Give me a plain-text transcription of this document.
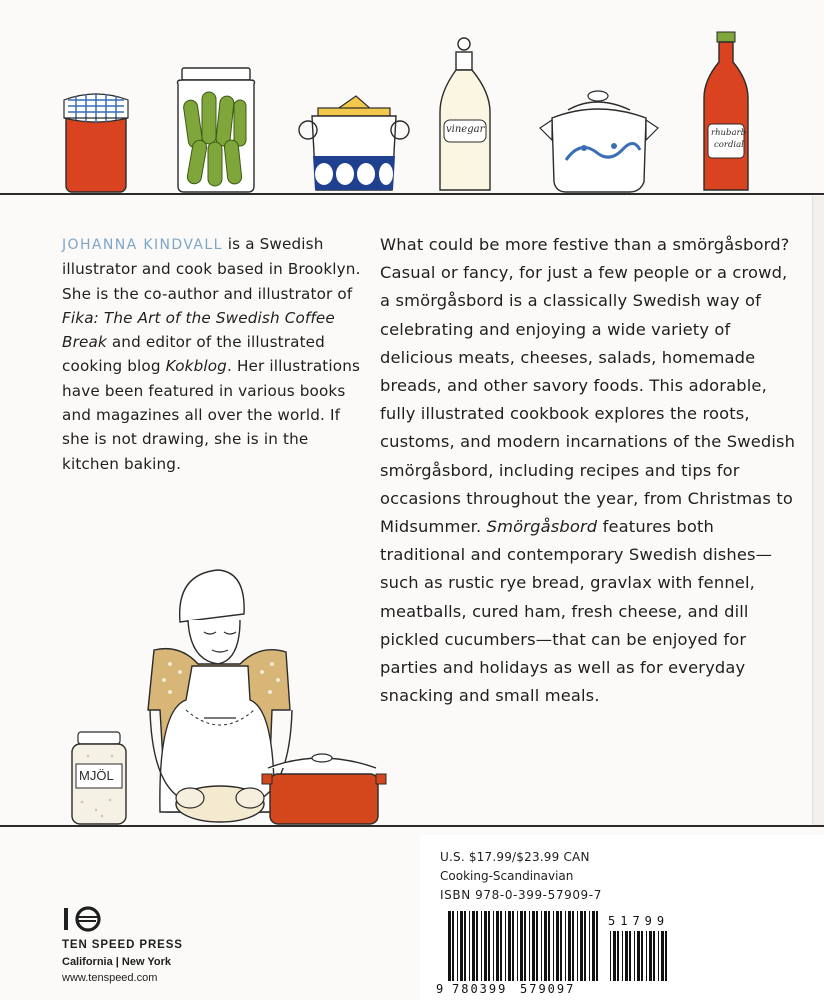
vinegar	rhubarb
cordial
JOHANNA KINDVALL is a Swedish illustrator and cook based in Brooklyn. She is the co-author and illustrator of Fika: The Art of the Swedish Coffee Break and editor of the illustrated cooking blog Kokblog. Her illustrations have been featured in various books and magazines all over the world. If she is not drawing, she is in the kitchen baking.

What could be more festive than a smörgåsbord? Casual or fancy, for just a few people or a crowd, a smörgåsbord is a classically Swedish way of celebrating and enjoying a wide variety of delicious meats, cheeses, salads, homemade breads, and other savory foods. This adorable, fully illustrated cookbook explores the roots, customs, and modern incarnations of the Swedish smörgåsbord, including recipes and tips for occasions throughout the year, from Christmas to Midsummer. Smörgåsbord features both traditional and contemporary Swedish dishes—such as rustic rye bread, gravlax with fennel, meatballs, cured ham, fresh cheese, and dill pickled cucumbers—that can be enjoyed for parties and holidays as well as for everyday snacking and small meals.

MJÖL
TEN SPEED PRESS
California | New York
www.tenspeed.com
U.S. $17.99/$23.99 CAN
Cooking-Scandinavian
ISBN 978-0-399-57909-7
9 780399 579097
51799
